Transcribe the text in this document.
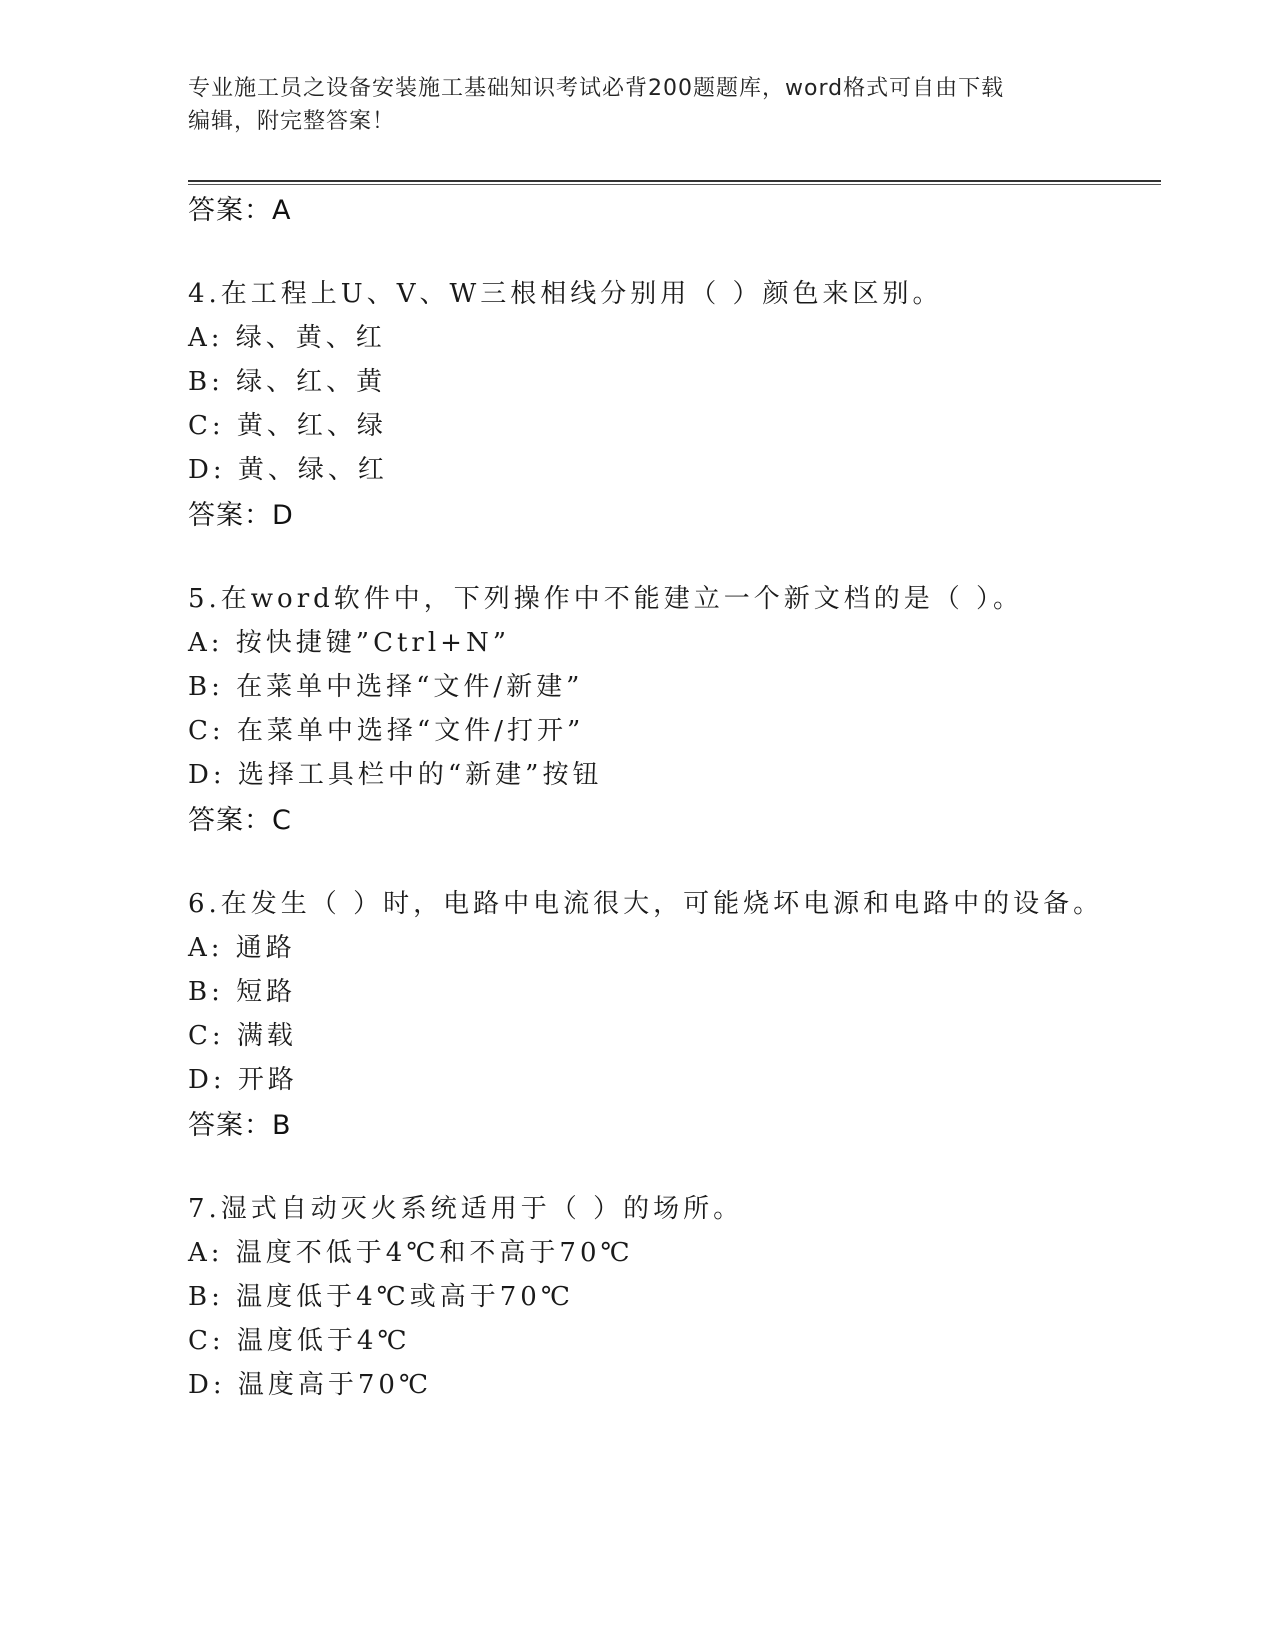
专业施工员之设备安装施工基础知识考试必背200题题库，word格式可自由下载
编辑，附完整答案！
答案：A
4.在工程上U、V、W三根相线分别用（ ）颜色来区别。
A: 绿、黄、红
B: 绿、红、黄
C: 黄、红、绿
D: 黄、绿、红
答案：D
5.在word软件中，下列操作中不能建立一个新文档的是（ ）。
A: 按快捷键”Ctrl+N”
B: 在菜单中选择“文件/新建”
C: 在菜单中选择“文件/打开”
D: 选择工具栏中的“新建”按钮
答案：C
6.在发生（ ）时，电路中电流很大，可能烧坏电源和电路中的设备。
A: 通路
B: 短路
C: 满载
D: 开路
答案：B
7.湿式自动灭火系统适用于（ ）的场所。
A: 温度不低于4℃和不高于70℃
B: 温度低于4℃或高于70℃
C: 温度低于4℃
D: 温度高于70℃
